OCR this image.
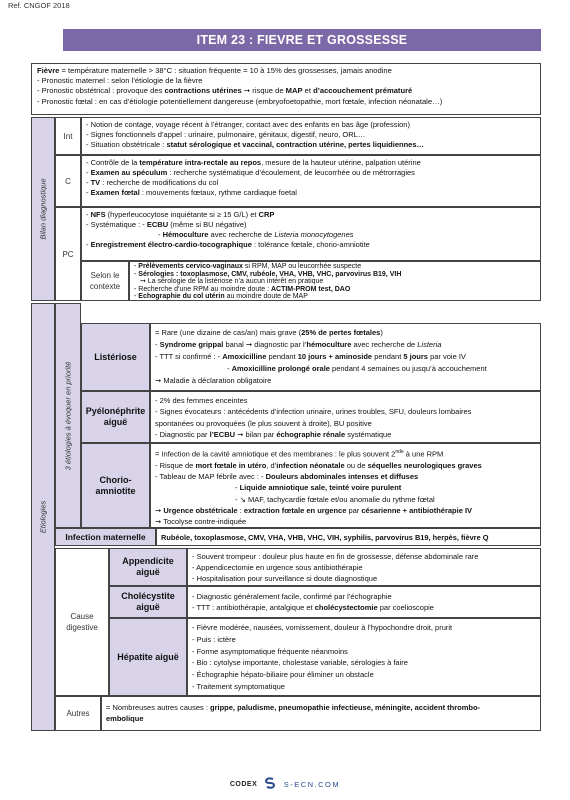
Ref. CNGOF 2018
ITEM 23 : FIEVRE ET GROSSESSE
Fièvre = température maternelle > 38°C : situation fréquente = 10 à 15% des grossesses, jamais anodine
- Pronostic maternel : selon l’étiologie de la fièvre
- Pronostic obstétrical : provoque des contractions utérines ➞ risque de MAP et d’accouchement prématuré
- Pronostic fœtal : en cas d’étiologie potentiellement dangereuse (embryofoetopathie, mort fœtale, infection néonatale…)
Bilan diagnostique
Int
- Notion de contage, voyage récent à l’étranger, contact avec des enfants en bas âge (profession)
- Signes fonctionnels d’appel : urinaire, pulmonaire, génitaux, digestif, neuro, ORL…
- Situation obstétricale : statut sérologique et vaccinal, contraction utérine, pertes liquidiennes…
C
- Contrôle de la température intra-rectale au repos, mesure de la hauteur utérine, palpation utérine
- Examen au spéculum : recherche systématique d’écoulement, de leucorrhée ou de métrorragies
- TV : recherche de modifications du col
- Examen fœtal : mouvements fœtaux, rythme cardiaque foetal
PC
- NFS (hyperleucocytose inquiétante si ≥ 15 G/L) et CRP
- Systématique : - ECBU (même si BU négative)
- Hémoculture avec recherche de Listeria monocytogenes
- Enregistrement électro-cardio-tocographique : tolérance fœtale, chorio-amniotite
Selon le contexte
- Prélèvements cervico-vaginaux si RPM, MAP ou leucorrhée suspecte
- Sérologies : toxoplasmose, CMV, rubéole, VHA, VHB, VHC, parvovirus B19, VIH
➞ La sérologie de la listériose n’a aucun intérêt en pratique
- Recherche d’une RPM au moindre doute : ACTIM-PROM test, DAO
- Echographie du col utérin au moindre doute de MAP
Etiologies
3 étiologies à évoquer en priorité
Listériose
= Rare (une dizaine de cas/an) mais grave (25% de pertes fœtales)
- Syndrome grippal banal ➞ diagnostic par l’hémoculture avec recherche de Listeria
- TTT si confirmé : - Amoxicilline pendant 10 jours + aminoside pendant 5 jours par voie IV
- Amoxicilline prolongé orale pendant 4 semaines ou jusqu’à accouchement
➞ Maladie à déclaration obligatoire
Pyélonéphrite aiguë
- 2% des femmes enceintes
- Signes évocateurs : antécédents d’infection urinaire, urines troubles, SFU, douleurs lombaires
spontanées ou provoquées (le plus souvent à droite), BU positive
- Diagnostic par l’ECBU ➞ bilan par échographie rénale systématique
Chorio-amniotite
= Infection de la cavité amniotique et des membranes : le plus souvent 2nde à une RPM
- Risque de mort fœtale in utéro, d’infection néonatale ou de séquelles neurologiques graves
- Tableau de MAP fébrile avec : - Douleurs abdominales intenses et diffuses
- Liquide amniotique sale, teinté voire purulent
- ↘ MAF, tachycardie fœtale et/ou anomalie du rythme fœtal
➞ Urgence obstétricale : extraction fœtale en urgence par césarienne + antibiothérapie IV
➞ Tocolyse contre-indiquée
Infection maternelle	Rubéole, toxoplasmose, CMV, VHA, VHB, VHC, VIH, syphilis, parvovirus B19, herpès, fièvre Q
Cause digestive
Appendicite aiguë
- Souvent trompeur : douleur plus haute en fin de grossesse, défense abdominale rare
- Appendicectomie en urgence sous antibiothérapie
- Hospitalisation pour surveillance si doute diagnostique
Cholécystite aiguë
- Diagnostic généralement facile, confirmé par l’échographie
- TTT : antibiothérapie, antalgique et cholécystectomie par coelioscopie
Hépatite aiguë
- Fièvre modérée, nausées, vomissement, douleur à l’hypochondre droit, prurit
- Puis : ictère
- Forme asymptomatique fréquente néanmoins
- Bio : cytolyse importante, cholestase variable, sérologies à faire
- Échographie hépato-biliaire pour éliminer un obstacle
- Traitement symptomatique
Autres
= Nombreuses autres causes : grippe, paludisme, pneumopathie infectieuse, méningite, accident thrombo-
embolique
CODEX	S-ECN.COM
